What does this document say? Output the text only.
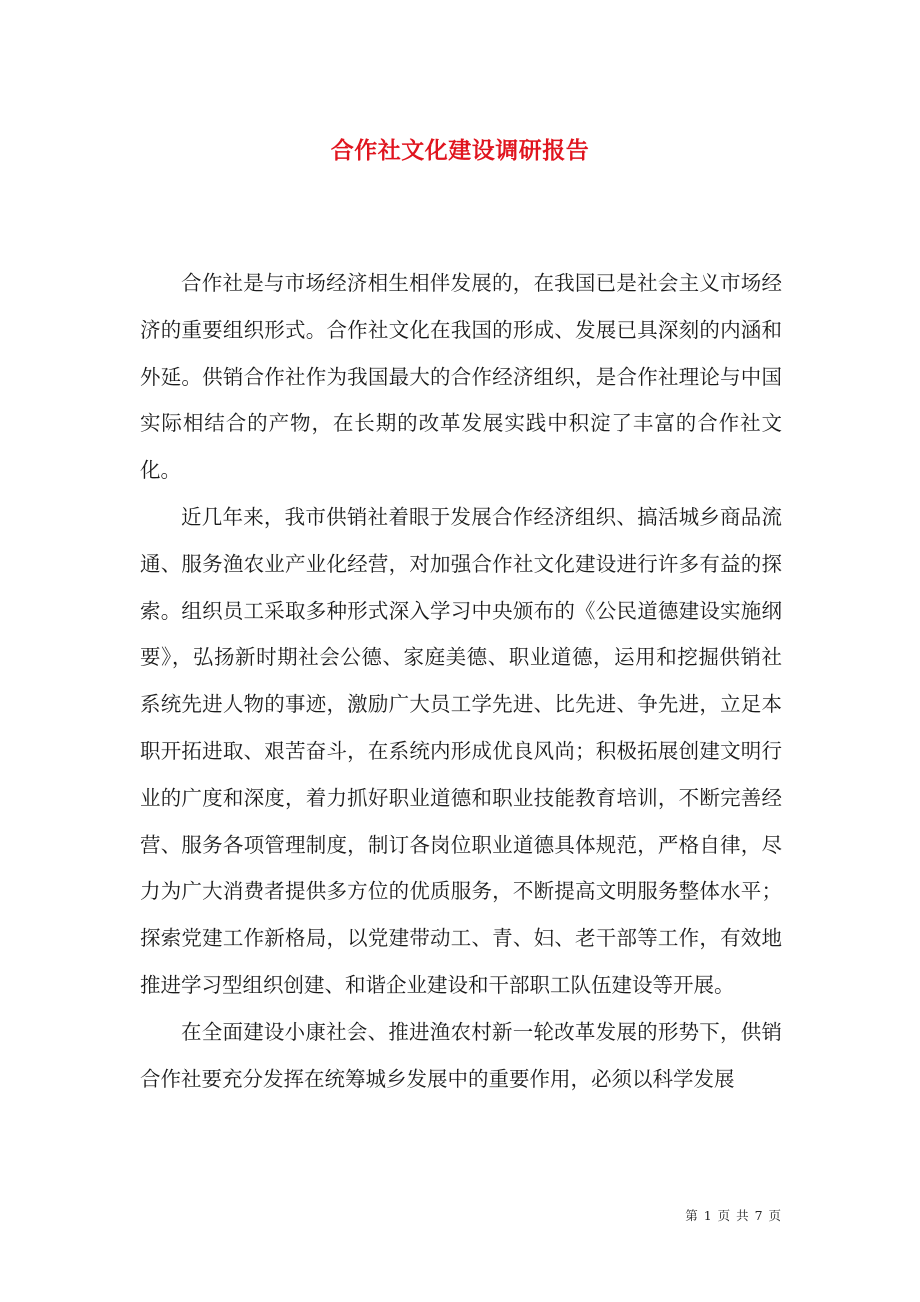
合作社文化建设调研报告

合作社是与市场经济相生相伴发展的，在我国已是社会主义市场经济的重要组织形式。合作社文化在我国的形成、发展已具深刻的内涵和外延。供销合作社作为我国最大的合作经济组织，是合作社理论与中国实际相结合的产物，在长期的改革发展实践中积淀了丰富的合作社文化。

近几年来，我市供销社着眼于发展合作经济组织、搞活城乡商品流通、服务渔农业产业化经营，对加强合作社文化建设进行许多有益的探索。组织员工采取多种形式深入学习中央颁布的《公民道德建设实施纲要》，弘扬新时期社会公德、家庭美德、职业道德，运用和挖掘供销社系统先进人物的事迹，激励广大员工学先进、比先进、争先进，立足本职开拓进取、艰苦奋斗，在系统内形成优良风尚；积极拓展创建文明行业的广度和深度，着力抓好职业道德和职业技能教育培训，不断完善经营、服务各项管理制度，制订各岗位职业道德具体规范，严格自律，尽力为广大消费者提供多方位的优质服务，不断提高文明服务整体水平；探索党建工作新格局，以党建带动工、青、妇、老干部等工作，有效地推进学习型组织创建、和谐企业建设和干部职工队伍建设等开展。

在全面建设小康社会、推进渔农村新一轮改革发展的形势下，供销合作社要充分发挥在统筹城乡发展中的重要作用，必须以科学发展

第 1 页 共 7 页
